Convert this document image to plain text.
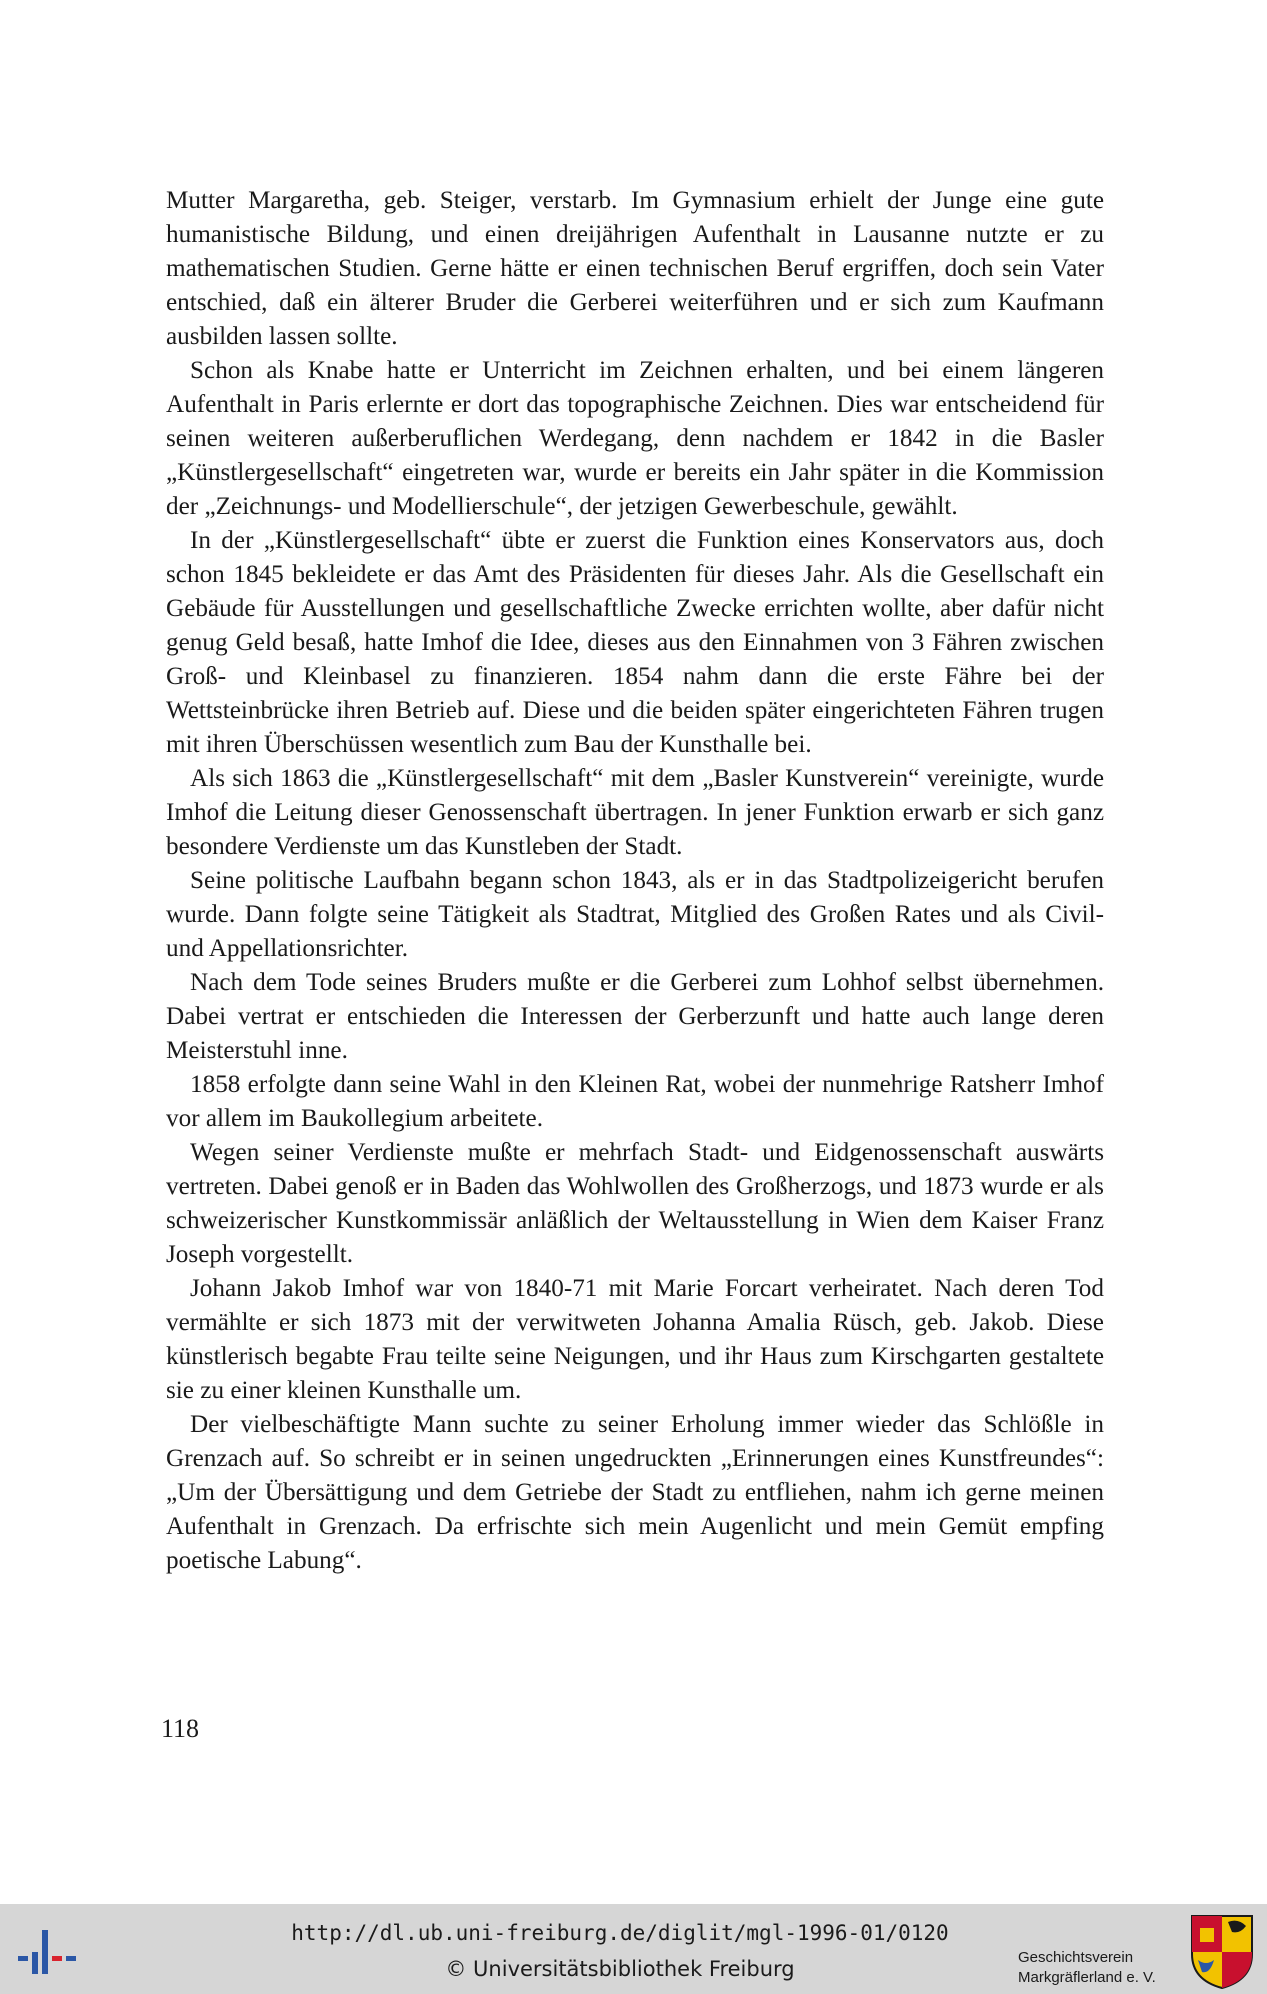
Mutter Margaretha, geb. Steiger, verstarb. Im Gymnasium erhielt der Junge eine gute humanistische Bildung, und einen dreijährigen Aufenthalt in Lausanne nutzte er zu mathematischen Studien. Gerne hätte er einen technischen Beruf ergriffen, doch sein Vater entschied, daß ein älterer Bruder die Gerberei weiterführen und er sich zum Kaufmann ausbilden lassen sollte.

Schon als Knabe hatte er Unterricht im Zeichnen erhalten, und bei einem längeren Aufenthalt in Paris erlernte er dort das topographische Zeichnen. Dies war entscheidend für seinen weiteren außerberuflichen Werdegang, denn nachdem er 1842 in die Basler „Künstlergesellschaft“ eingetreten war, wurde er bereits ein Jahr später in die Kommission der „Zeichnungs- und Modellierschule“, der jetzigen Gewerbeschule, gewählt.

In der „Künstlergesellschaft“ übte er zuerst die Funktion eines Konservators aus, doch schon 1845 bekleidete er das Amt des Präsidenten für dieses Jahr. Als die Gesellschaft ein Gebäude für Ausstellungen und gesellschaftliche Zwecke errichten wollte, aber dafür nicht genug Geld besaß, hatte Imhof die Idee, dieses aus den Einnahmen von 3 Fähren zwischen Groß- und Kleinbasel zu finanzieren. 1854 nahm dann die erste Fähre bei der Wettsteinbrücke ihren Betrieb auf. Diese und die beiden später eingerichteten Fähren trugen mit ihren Überschüssen wesentlich zum Bau der Kunsthalle bei.

Als sich 1863 die „Künstlergesellschaft“ mit dem „Basler Kunstverein“ vereinigte, wurde Imhof die Leitung dieser Genossenschaft übertragen. In jener Funktion erwarb er sich ganz besondere Verdienste um das Kunstleben der Stadt.

Seine politische Laufbahn begann schon 1843, als er in das Stadtpolizeigericht berufen wurde. Dann folgte seine Tätigkeit als Stadtrat, Mitglied des Großen Rates und als Civil- und Appellationsrichter.

Nach dem Tode seines Bruders mußte er die Gerberei zum Lohhof selbst übernehmen. Dabei vertrat er entschieden die Interessen der Gerberzunft und hatte auch lange deren Meisterstuhl inne.

1858 erfolgte dann seine Wahl in den Kleinen Rat, wobei der nunmehrige Ratsherr Imhof vor allem im Baukollegium arbeitete.

Wegen seiner Verdienste mußte er mehrfach Stadt- und Eidgenossenschaft auswärts vertreten. Dabei genoß er in Baden das Wohlwollen des Großherzogs, und 1873 wurde er als schweizerischer Kunstkommissär anläßlich der Weltausstellung in Wien dem Kaiser Franz Joseph vorgestellt.

Johann Jakob Imhof war von 1840-71 mit Marie Forcart verheiratet. Nach deren Tod vermählte er sich 1873 mit der verwitweten Johanna Amalia Rüsch, geb. Jakob. Diese künstlerisch begabte Frau teilte seine Neigungen, und ihr Haus zum Kirschgarten gestaltete sie zu einer kleinen Kunsthalle um.

Der vielbeschäftigte Mann suchte zu seiner Erholung immer wieder das Schlößle in Grenzach auf. So schreibt er in seinen ungedruckten „Erinnerungen eines Kunstfreundes“: „Um der Übersättigung und dem Getriebe der Stadt zu entfliehen, nahm ich gerne meinen Aufenthalt in Grenzach. Da erfrischte sich mein Augenlicht und mein Gemüt empfing poetische Labung“.

118
http://dl.ub.uni-freiburg.de/diglit/mgl-1996-01/0120
© Universitätsbibliothek Freiburg	Geschichtsverein
Markgräflerland e. V.
